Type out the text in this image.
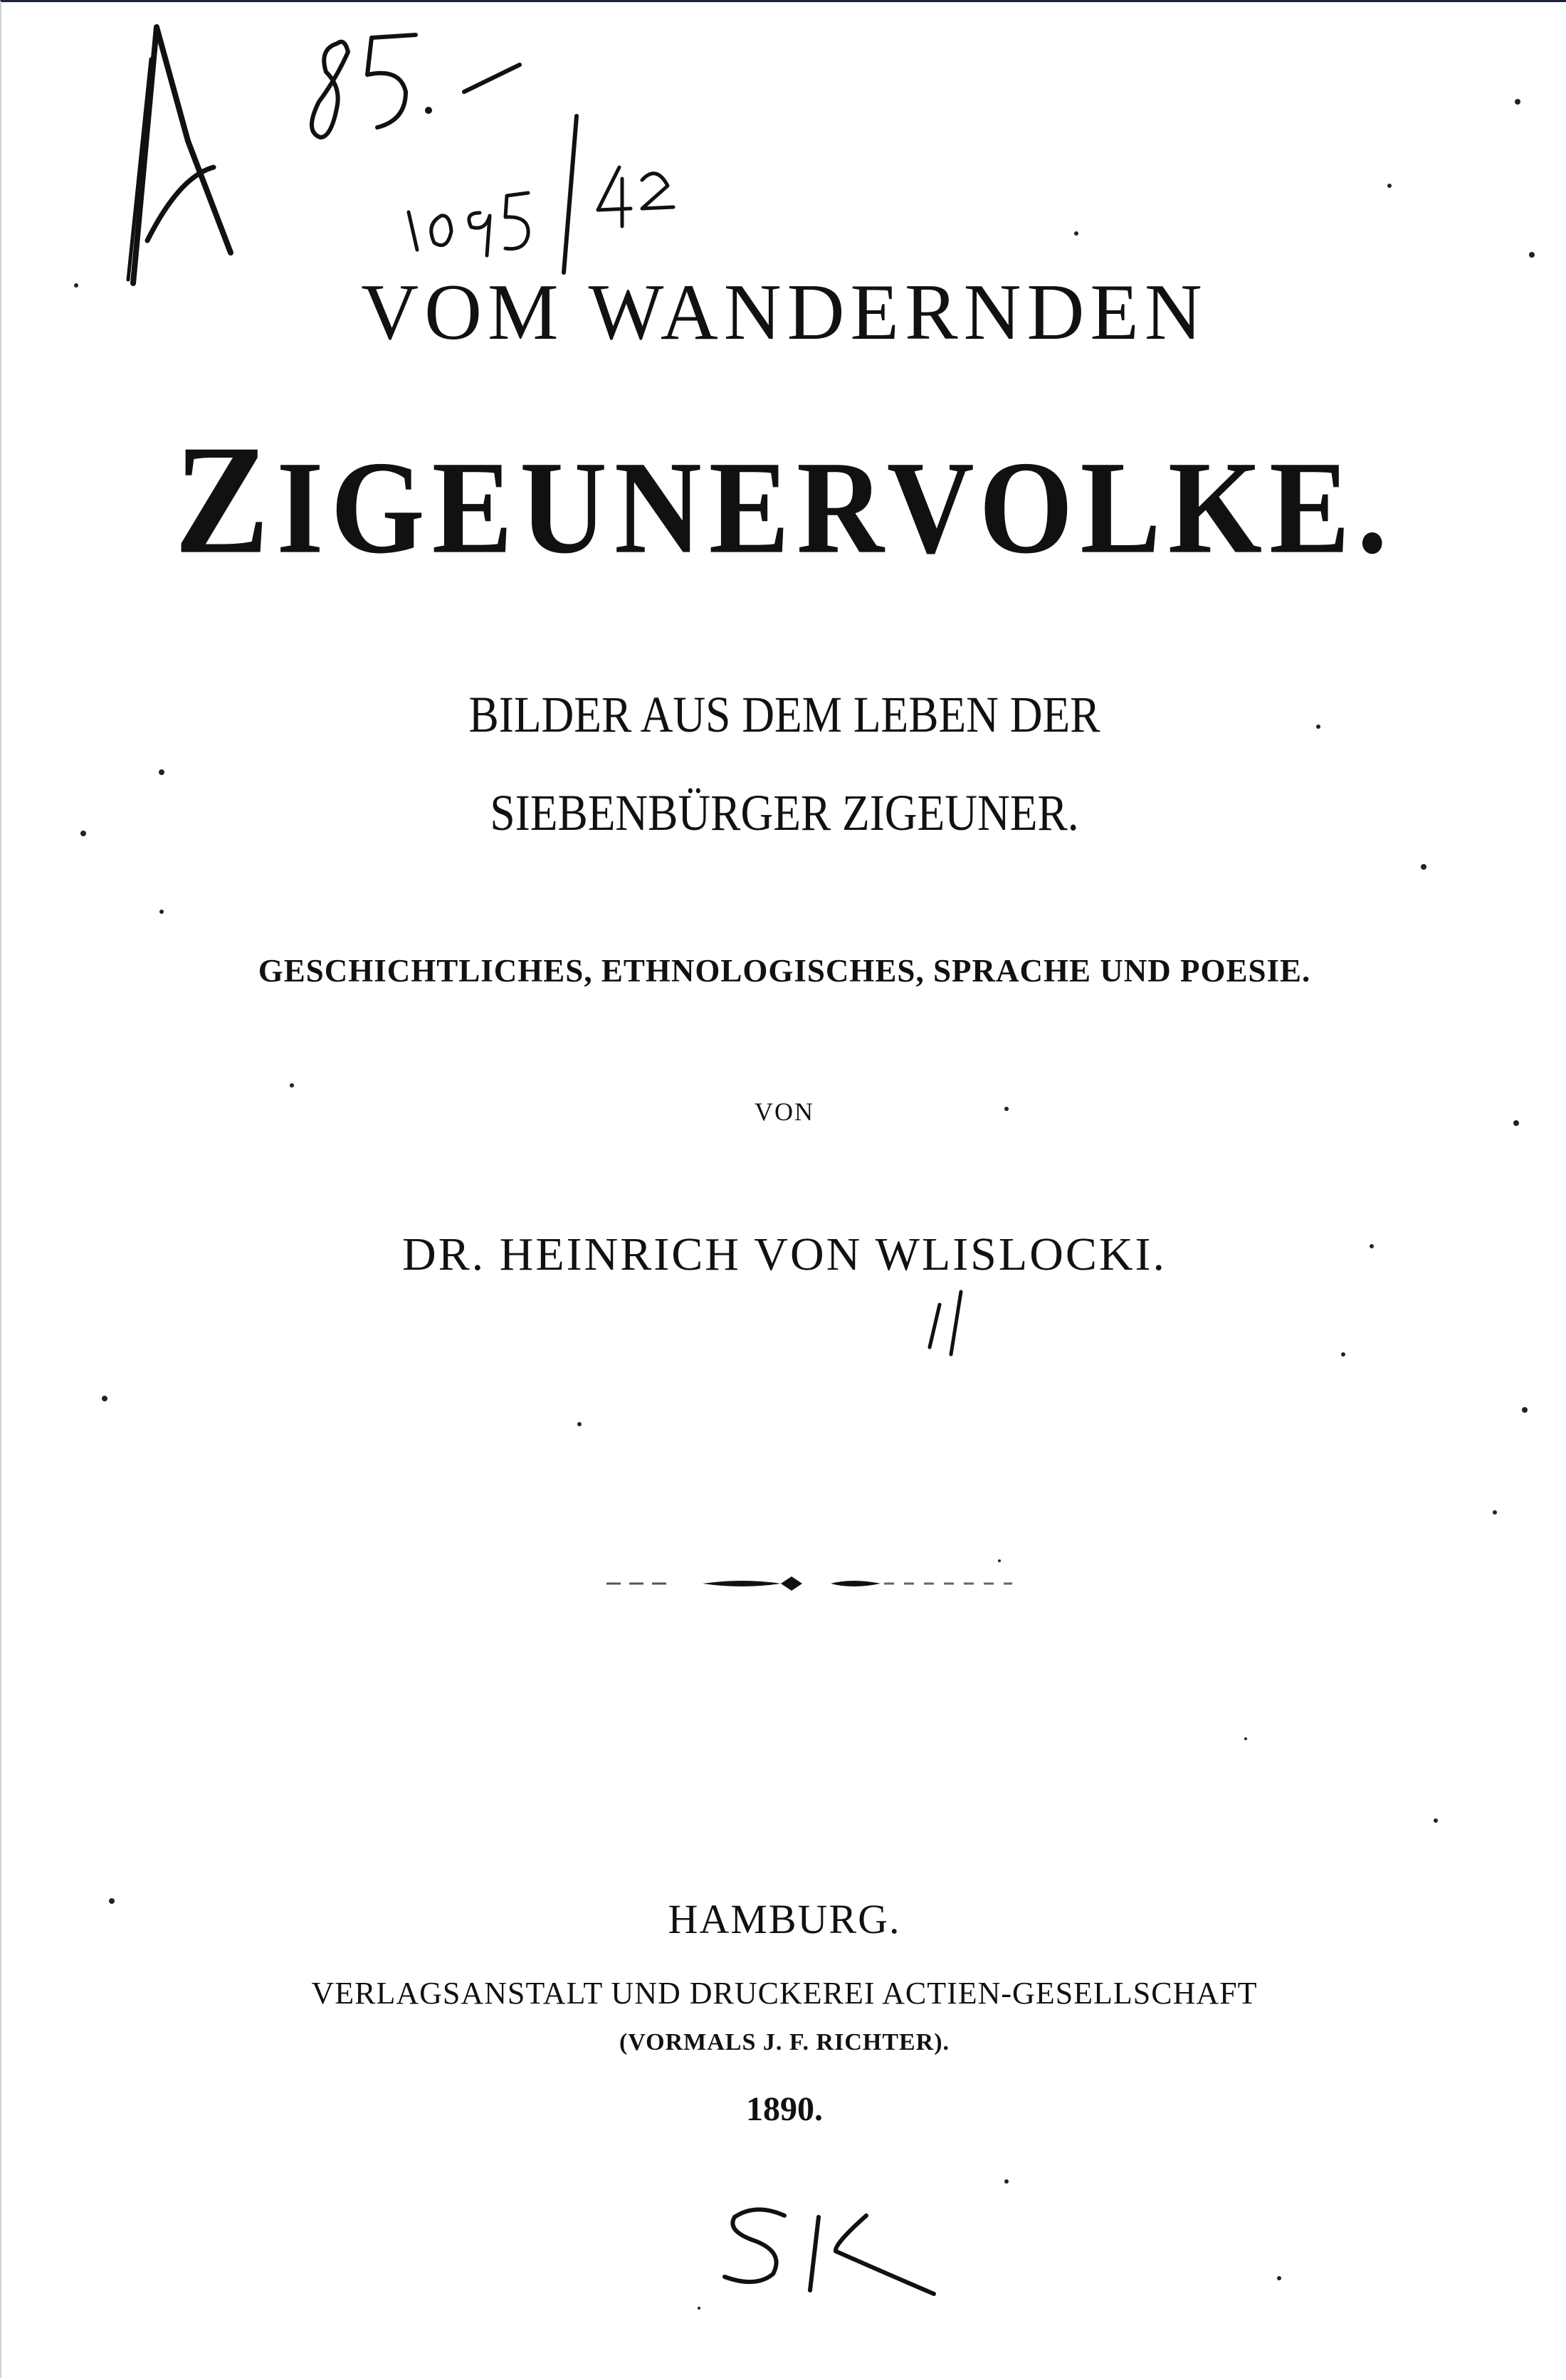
VOM WANDERNDEN
ZIGEUNERVOLKE.
BILDER AUS DEM LEBEN DER
SIEBENBÜRGER ZIGEUNER.
GESCHICHTLICHES, ETHNOLOGISCHES, SPRACHE UND POESIE.
VON
DR. HEINRICH VON WLISLOCKI.
HAMBURG.
VERLAGSANSTALT UND DRUCKEREI ACTIEN-GESELLSCHAFT
(VORMALS J. F. RICHTER).
1890.
